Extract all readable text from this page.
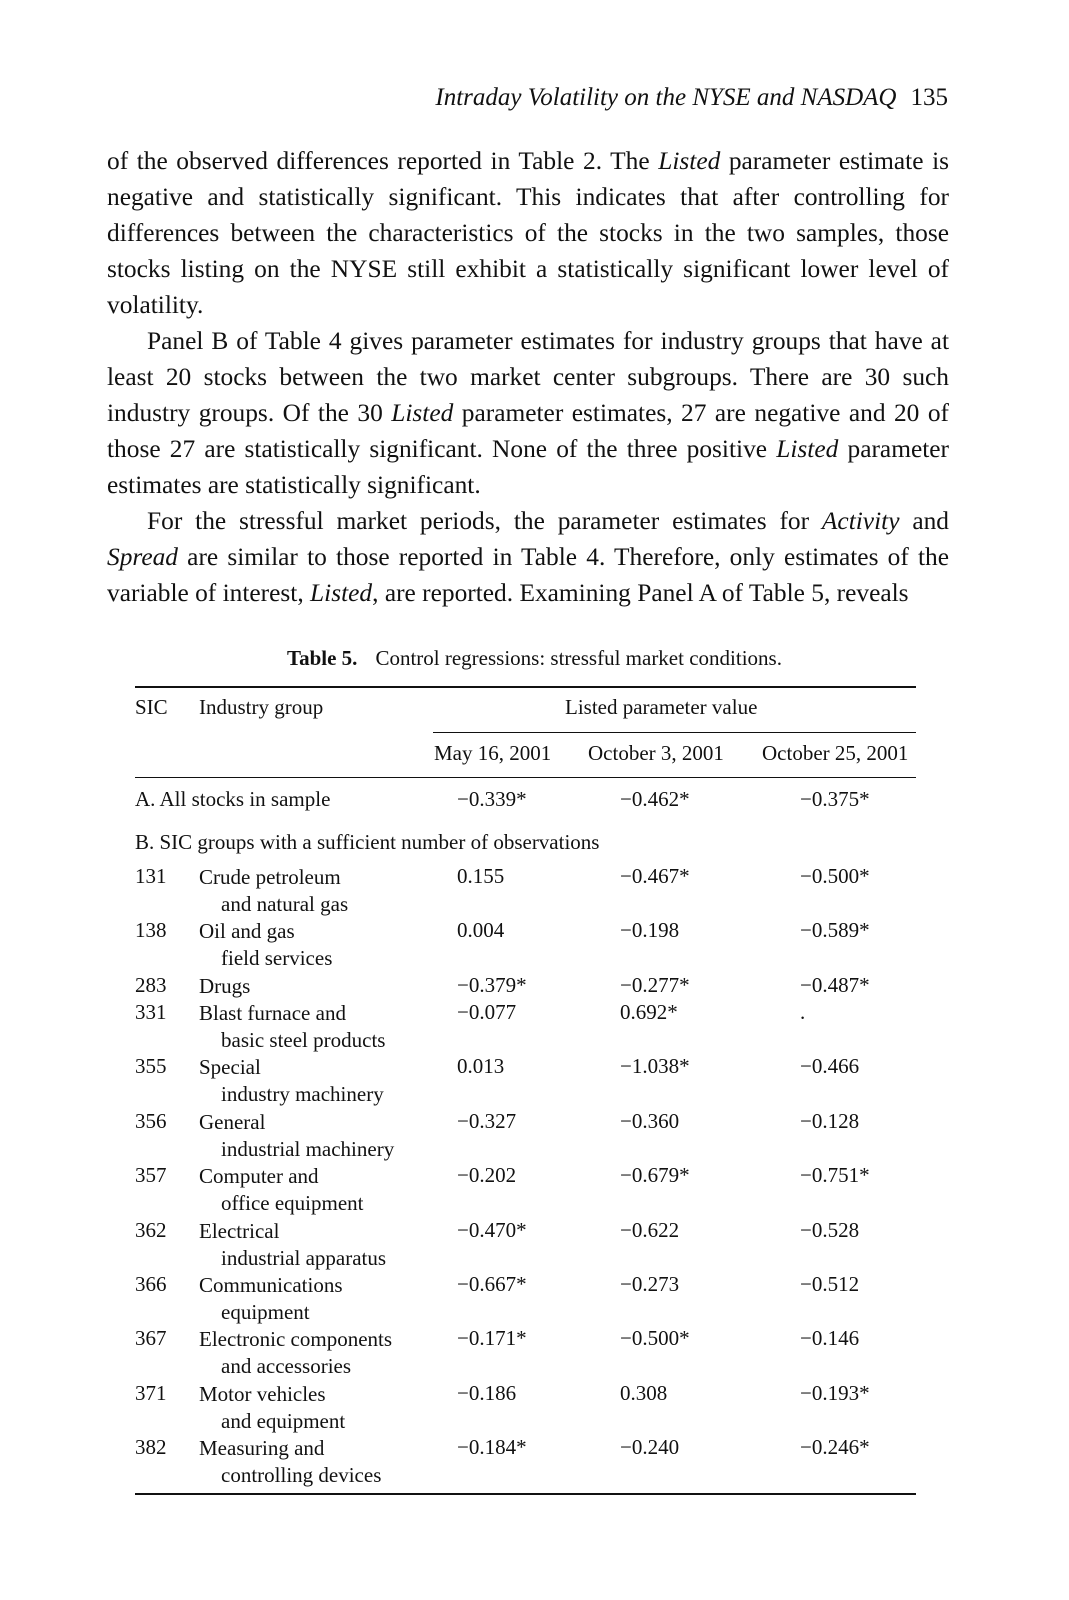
Intraday Volatility on the NYSE and NASDAQ 135

of the observed differences reported in Table 2. The Listed parameter estimate is negative and statistically significant. This indicates that after controlling for differences between the characteristics of the stocks in the two samples, those stocks listing on the NYSE still exhibit a statistically significant lower level of volatility.

Panel B of Table 4 gives parameter estimates for industry groups that have at least 20 stocks between the two market center subgroups. There are 30 such industry groups. Of the 30 Listed parameter estimates, 27 are negative and 20 of those 27 are statistically significant. None of the three positive Listed parameter estimates are statistically significant.

For the stressful market periods, the parameter estimates for Activity and Spread are similar to those reported in Table 4. Therefore, only estimates of the variable of interest, Listed, are reported. Examining Panel A of Table 5, reveals

Table 5. Control regressions: stressful market conditions.
SIC Industry group	Listed parameter value
May 16, 2001 October 3, 2001 October 25, 2001
A. All stocks in sample	−0.339*	−0.462*	−0.375*
B. SIC groups with a sufficient number of observations
131 Crude petroleum
and natural gas
0.155	−0.467*	−0.500*
138 Oil and gas
field services
0.004	−0.198	−0.589*
283 Drugs	−0.379*	−0.277*	−0.487*
331 Blast furnace and
basic steel products
−0.077	0.692*	.
355 Special
industry machinery
0.013	−1.038*	−0.466
356 General
industrial machinery
−0.327	−0.360	−0.128
357 Computer and
office equipment
−0.202	−0.679*	−0.751*
362 Electrical
industrial apparatus
−0.470*	−0.622	−0.528
366 Communications
equipment
−0.667*	−0.273	−0.512
367 Electronic components
and accessories
−0.171*	−0.500*	−0.146
371 Motor vehicles
and equipment
−0.186	0.308	−0.193*
382 Measuring and
controlling devices
−0.184*	−0.240	−0.246*
